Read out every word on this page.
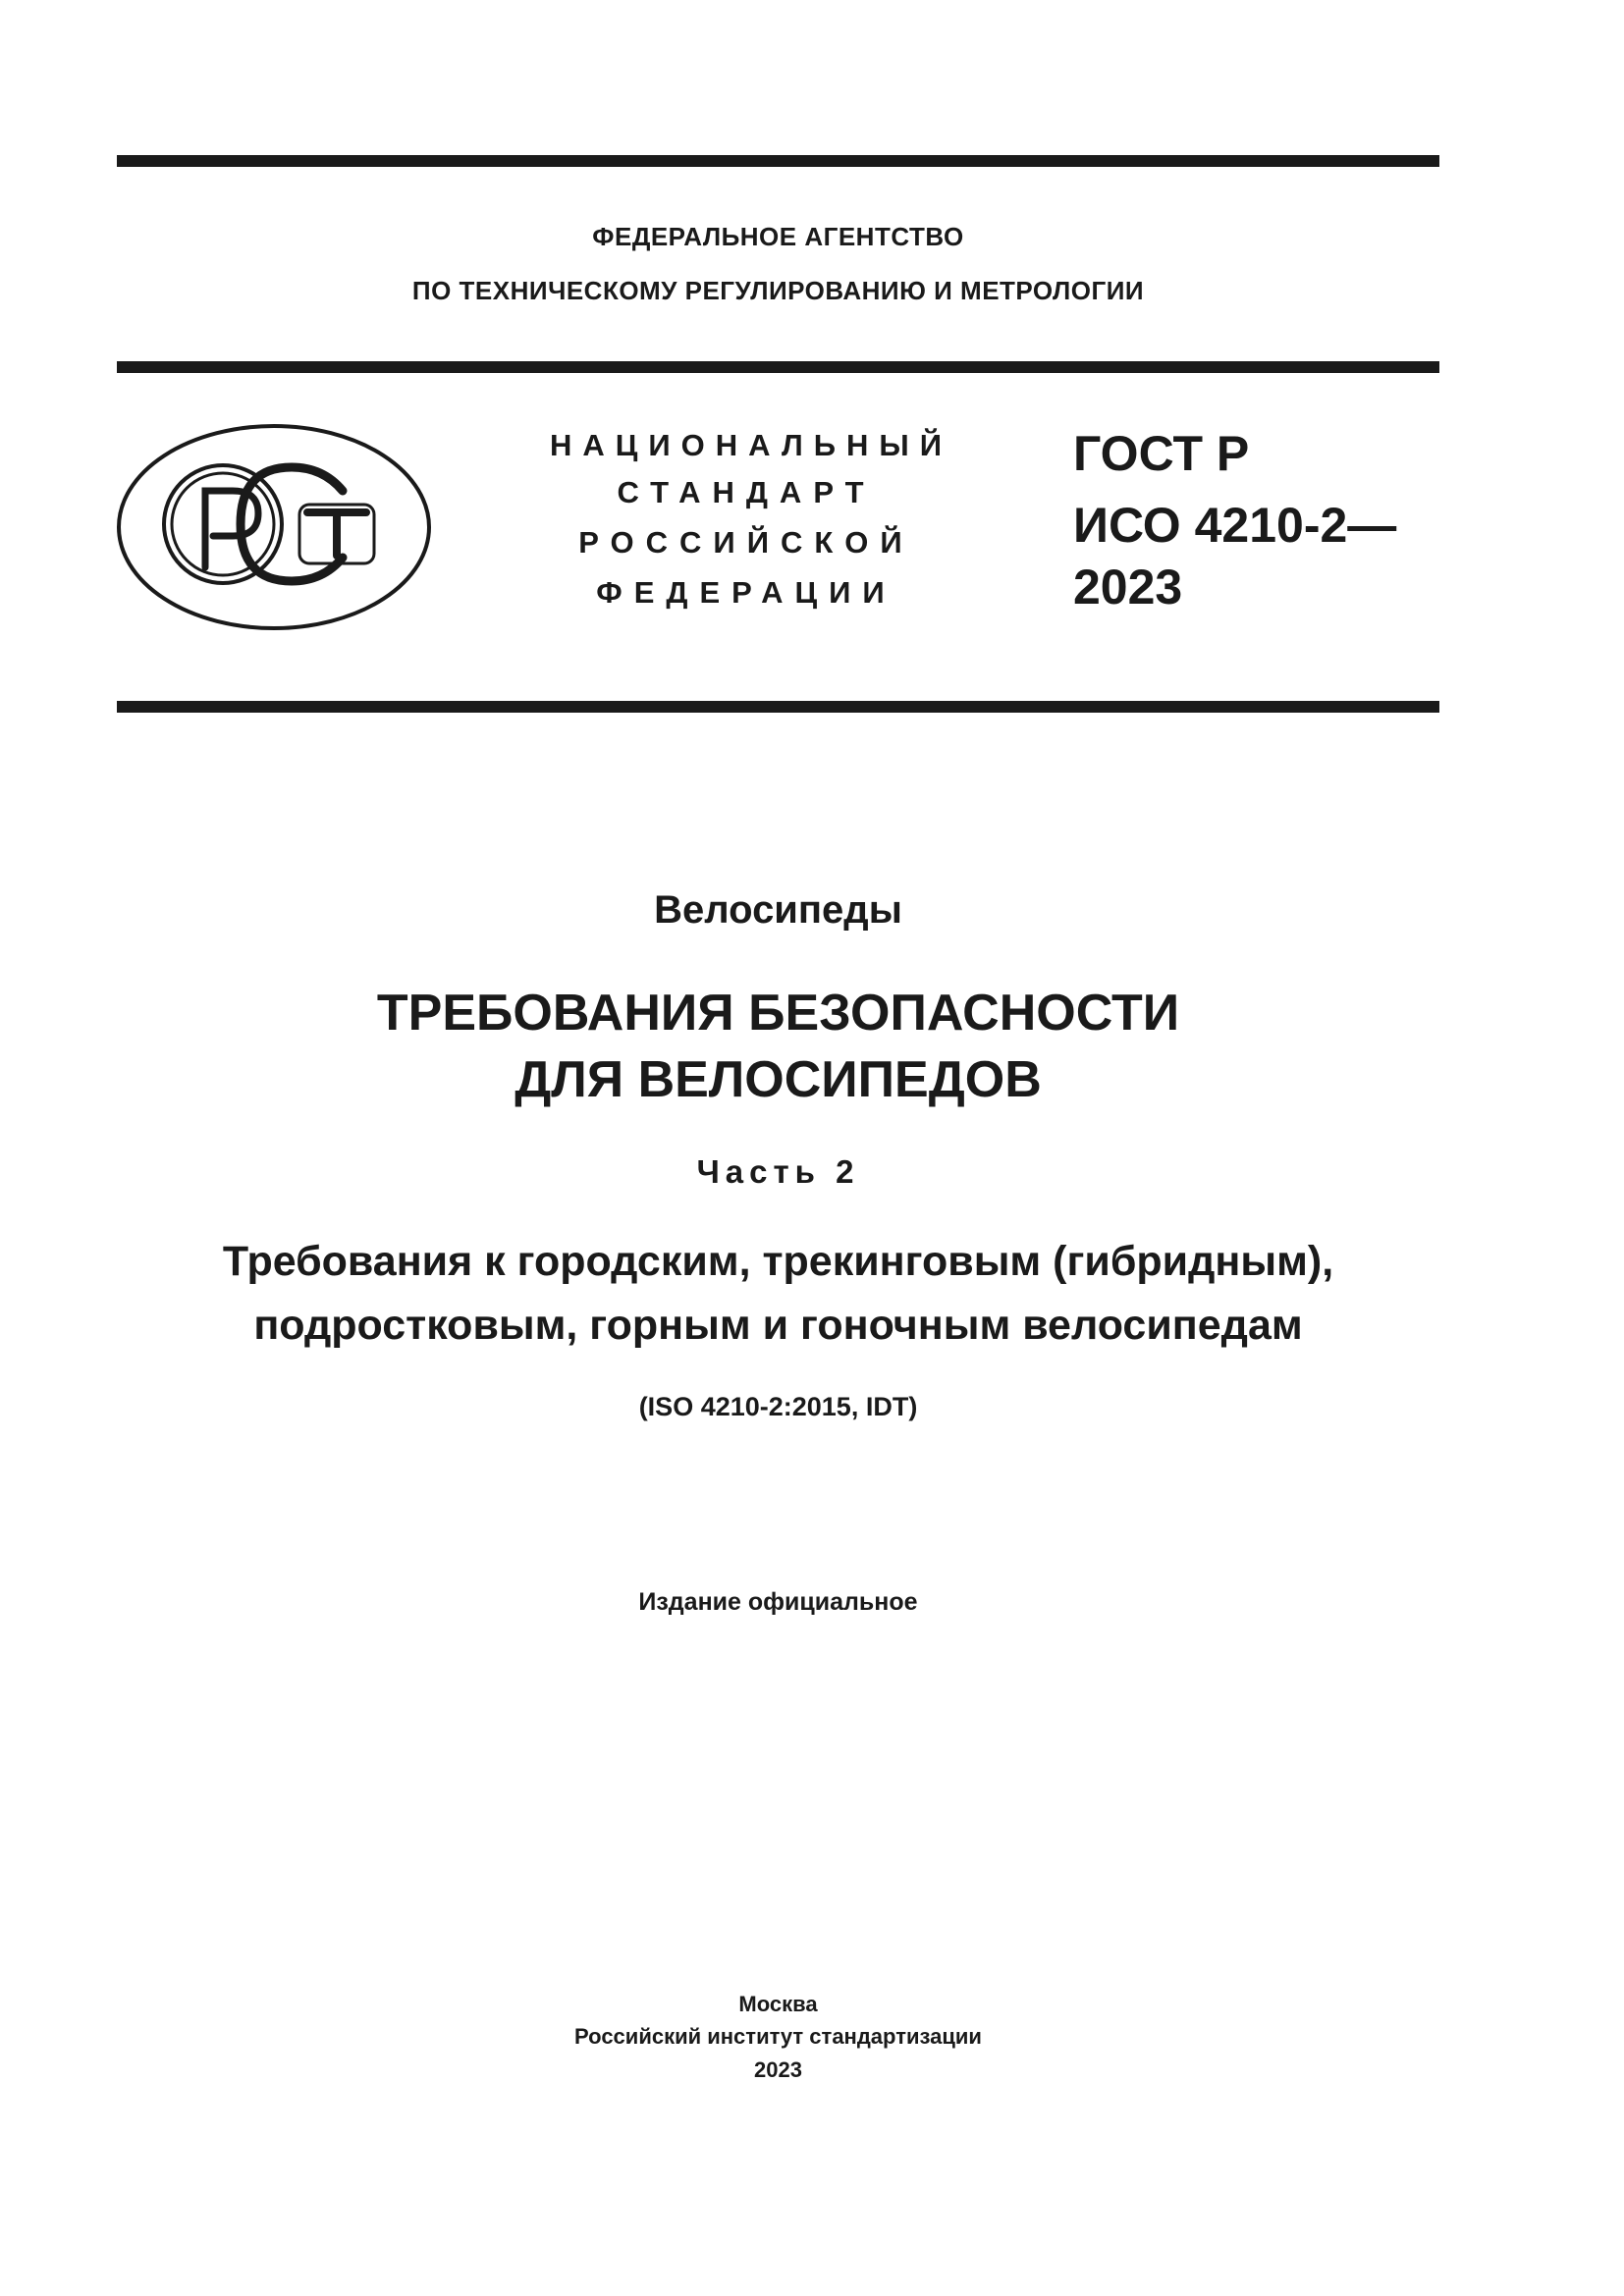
ФЕДЕРАЛЬНОЕ АГЕНТСТВО
ПО ТЕХНИЧЕСКОМУ РЕГУЛИРОВАНИЮ И МЕТРОЛОГИИ
НАЦИОНАЛЬНЫЙ
СТАНДАРТ
РОССИЙСКОЙ
ФЕДЕРАЦИИ
ГОСТ Р
ИСО 4210-2—
2023
Велосипеды
ТРЕБОВАНИЯ БЕЗОПАСНОСТИ
ДЛЯ ВЕЛОСИПЕДОВ
Часть 2
Требования к городским, трекинговым (гибридным),
подростковым, горным и гоночным велосипедам
(ISO 4210-2:2015, IDT)
Издание официальное
Москва
Российский институт стандартизации
2023
